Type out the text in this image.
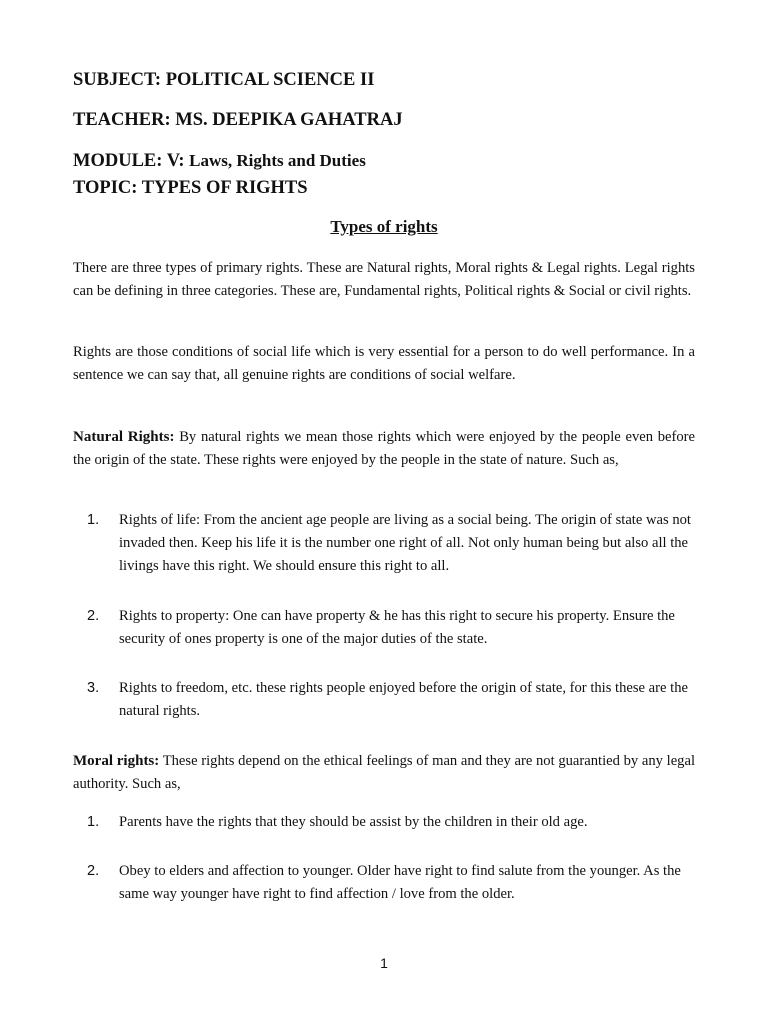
SUBJECT: POLITICAL SCIENCE II

TEACHER: MS. DEEPIKA GAHATRAJ

MODULE: V: Laws, Rights and Duties

TOPIC: TYPES OF RIGHTS

Types of rights

There are three types of primary rights. These are Natural rights, Moral rights & Legal rights. Legal rights can be defining in three categories. These are, Fundamental rights, Political rights & Social or civil rights.

Rights are those conditions of social life which is very essential for a person to do well performance. In a sentence we can say that, all genuine rights are conditions of social welfare.

Natural Rights: By natural rights we mean those rights which were enjoyed by the people even before the origin of the state. These rights were enjoyed by the people in the state of nature. Such as,

1. Rights of life: From the ancient age people are living as a social being. The origin of state was not invaded then. Keep his life it is the number one right of all. Not only human being but also all the livings have this right. We should ensure this right to all.

2. Rights to property: One can have property & he has this right to secure his property. Ensure the security of ones property is one of the major duties of the state.

3. Rights to freedom, etc. these rights people enjoyed before the origin of state, for this these are the natural rights.

Moral rights: These rights depend on the ethical feelings of man and they are not guarantied by any legal authority. Such as,

1. Parents have the rights that they should be assist by the children in their old age.

2. Obey to elders and affection to younger. Older have right to find salute from the younger. As the same way younger have right to find affection / love from the older.

1
